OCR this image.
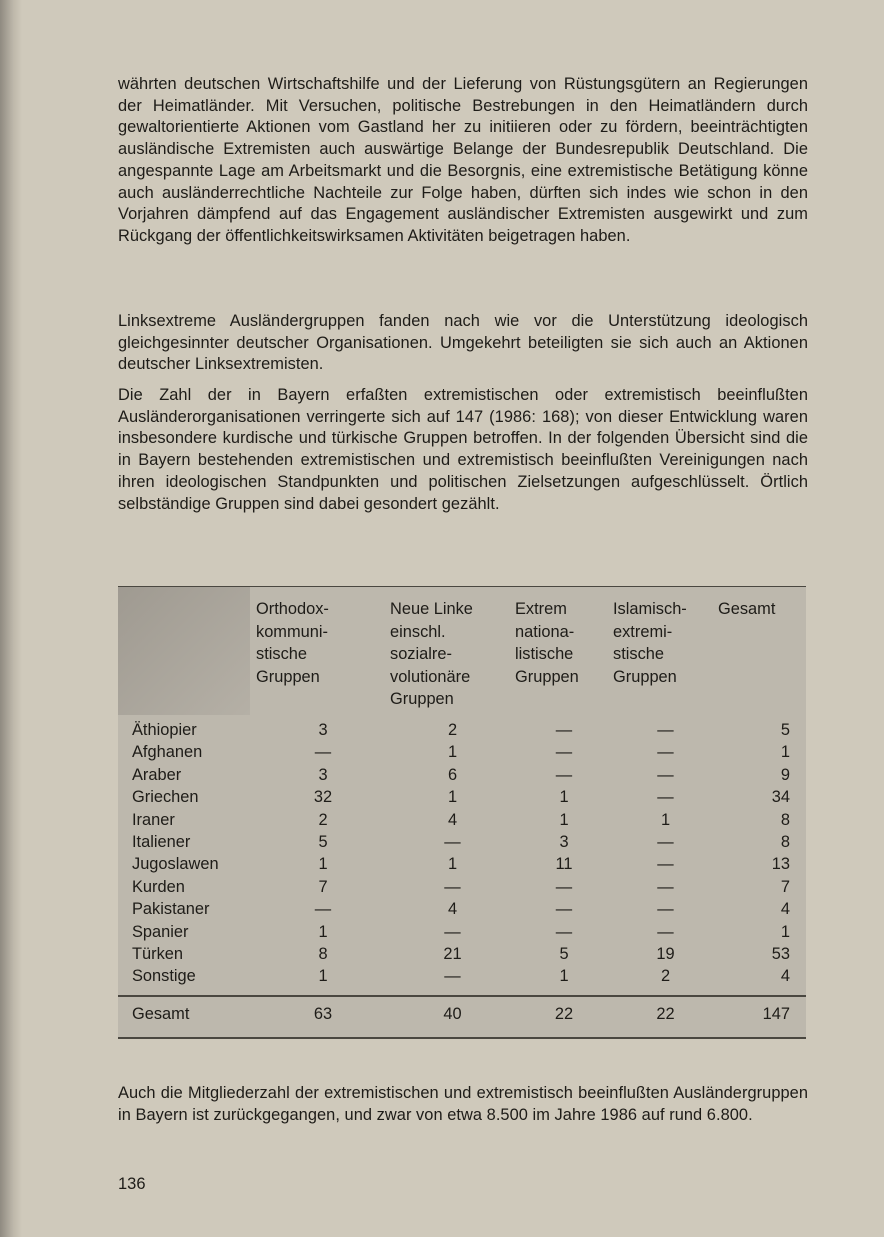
währten deutschen Wirtschaftshilfe und der Lieferung von Rüstungsgütern an Regierungen der Heimatländer. Mit Versuchen, politische Bestrebungen in den Heimatländern durch gewaltorientierte Aktionen vom Gastland her zu initiieren oder zu fördern, beeinträchtigten ausländische Extremisten auch auswärtige Belange der Bundesrepublik Deutschland. Die angespannte Lage am Arbeitsmarkt und die Besorgnis, eine extremistische Betätigung könne auch ausländerrechtliche Nachteile zur Folge haben, dürften sich indes wie schon in den Vorjahren dämpfend auf das Engagement ausländischer Extremisten ausgewirkt und zum Rückgang der öffentlichkeitswirksamen Aktivitäten beigetragen haben.

Linksextreme Ausländergruppen fanden nach wie vor die Unterstützung ideologisch gleichgesinnter deutscher Organisationen. Umgekehrt beteiligten sie sich auch an Aktionen deutscher Linksextremisten.

Die Zahl der in Bayern erfaßten extremistischen oder extremistisch beeinflußten Ausländerorganisationen verringerte sich auf 147 (1986: 168); von dieser Entwicklung waren insbesondere kurdische und türkische Gruppen betroffen. In der folgenden Übersicht sind die in Bayern bestehenden extremistischen und extremistisch beeinflußten Vereinigungen nach ihren ideologischen Standpunkten und politischen Zielsetzungen aufgeschlüsselt. Örtlich selbständige Gruppen sind dabei gesondert gezählt.

	Orthodox-
kommuni-
stische
Gruppen	Neue Linke
einschl.
sozialre-
volutionäre
Gruppen	Extrem
nationa-
listische
Gruppen	Islamisch-
extremi-
stische
Gruppen	Gesamt

Äthiopier	3	2	—	—	5
Afghanen	—	1	—	—	1
Araber	3	6	—	—	9
Griechen	32	1	1	—	34
Iraner	2	4	1	1	8
Italiener	5	—	3	—	8
Jugoslawen	1	1	11	—	13
Kurden	7	—	—	—	7
Pakistaner	—	4	—	—	4
Spanier	1	—	—	—	1
Türken	8	21	5	19	53
Sonstige	1	—	1	2	4
Gesamt	63	40	22	22	147

Auch die Mitgliederzahl der extremistischen und extremistisch beeinflußten Ausländergruppen in Bayern ist zurückgegangen, und zwar von etwa 8.500 im Jahre 1986 auf rund 6.800.

136
